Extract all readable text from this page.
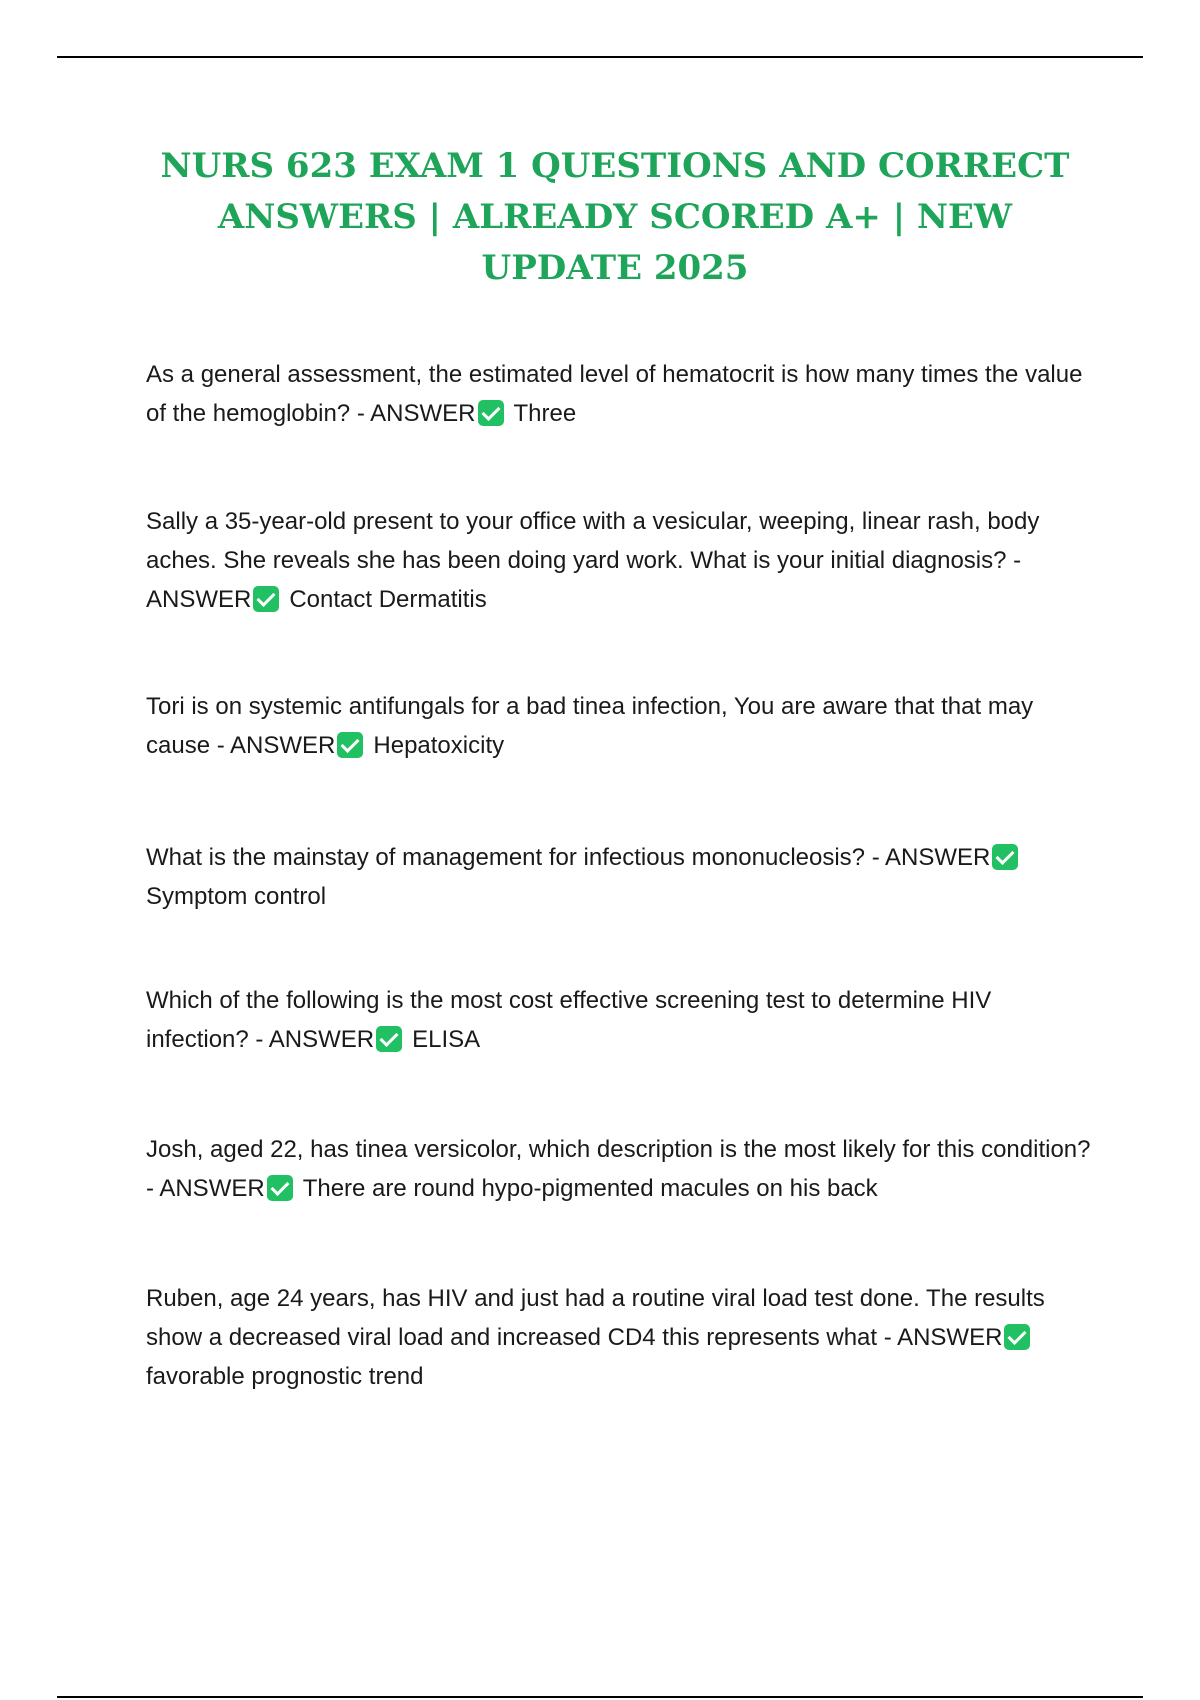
NURS 623 EXAM 1 QUESTIONS AND CORRECT ANSWERS | ALREADY SCORED A+ | NEW UPDATE 2025

As a general assessment, the estimated level of hematocrit is how many times the value of the hemoglobin? - ANSWER Three

Sally a 35-year-old present to your office with a vesicular, weeping, linear rash, body aches. She reveals she has been doing yard work. What is your initial diagnosis? - ANSWER Contact Dermatitis

Tori is on systemic antifungals for a bad tinea infection, You are aware that that may cause - ANSWER Hepatoxicity

What is the mainstay of management for infectious mononucleosis? - ANSWERSymptom control

Which of the following is the most cost effective screening test to determine HIV infection? - ANSWER ELISA

Josh, aged 22, has tinea versicolor, which description is the most likely for this condition? - ANSWER There are round hypo-pigmented macules on his back

Ruben, age 24 years, has HIV and just had a routine viral load test done. The results show a decreased viral load and increased CD4 this represents what - ANSWERfavorable prognostic trend
